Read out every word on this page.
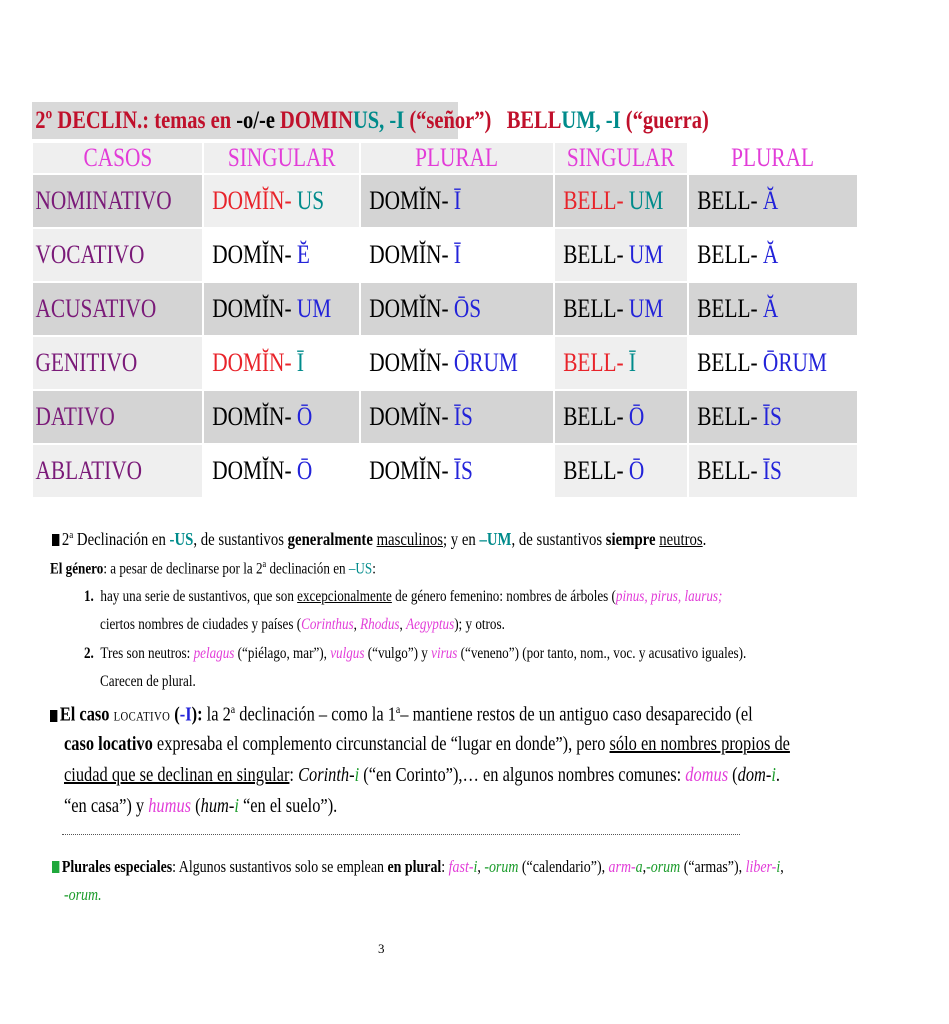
2º DECLIN.: temas en -o/-e DOMINUS, -I (“señor”) BELLUM, -I (“guerra)
CASOS	SINGULAR	PLURAL	SINGULAR	PLURAL
NOMINATIVO	DOMĬN- US	DOMĬN- Ī	BELL- UM	BELL- Ă
VOCATIVO	DOMĬN- Ĕ	DOMĬN- Ī	BELL- UM	BELL- Ă
ACUSATIVO	DOMĬN- UM	DOMĬN- ŌS	BELL- UM	BELL- Ă
GENITIVO	DOMĬN- Ī	DOMĬN- ŌRUM	BELL- Ī	BELL- ŌRUM
DATIVO	DOMĬN- Ō	DOMĬN- ĪS	BELL- Ō	BELL- ĪS
ABLATIVO	DOMĬN- Ō	DOMĬN- ĪS	BELL- Ō	BELL- ĪS
2$^a$ Declinación en -US, de sustantivos generalmente masculinos; y en –UM, de sustantivos siempre neutros.
El género: a pesar de declinarse por la 2$^a$ declinación en –US:
1. hay una serie de sustantivos, que son excepcionalmente de género femenino: nombres de árboles (pinus, pirus, laurus;
ciertos nombres de ciudades y países (Corinthus, Rhodus, Aegyptus); y otros.
2. Tres son neutros: pelagus (“piélago, mar”), vulgus (“vulgo”) y virus (“veneno”) (por tanto, nom., voc. y acusativo iguales).
Carecen de plural.
El caso LOCATIVO (-I): la 2$^a$ declinación – como la 1$^a$– mantiene restos de un antiguo caso desaparecido (el
caso locativo expresaba el complemento circunstancial de “lugar en donde”), pero sólo en nombres propios de
ciudad que se declinan en singular: Corinth-i (“en Corinto”),… en algunos nombres comunes: domus (dom-i.
“en casa”) y humus (hum-i “en el suelo”).
Plurales especiales: Algunos sustantivos solo se emplean en plural: fast-i, -orum (“calendario”), arm-a,-orum (“armas”), liber-i,
-orum.
3
